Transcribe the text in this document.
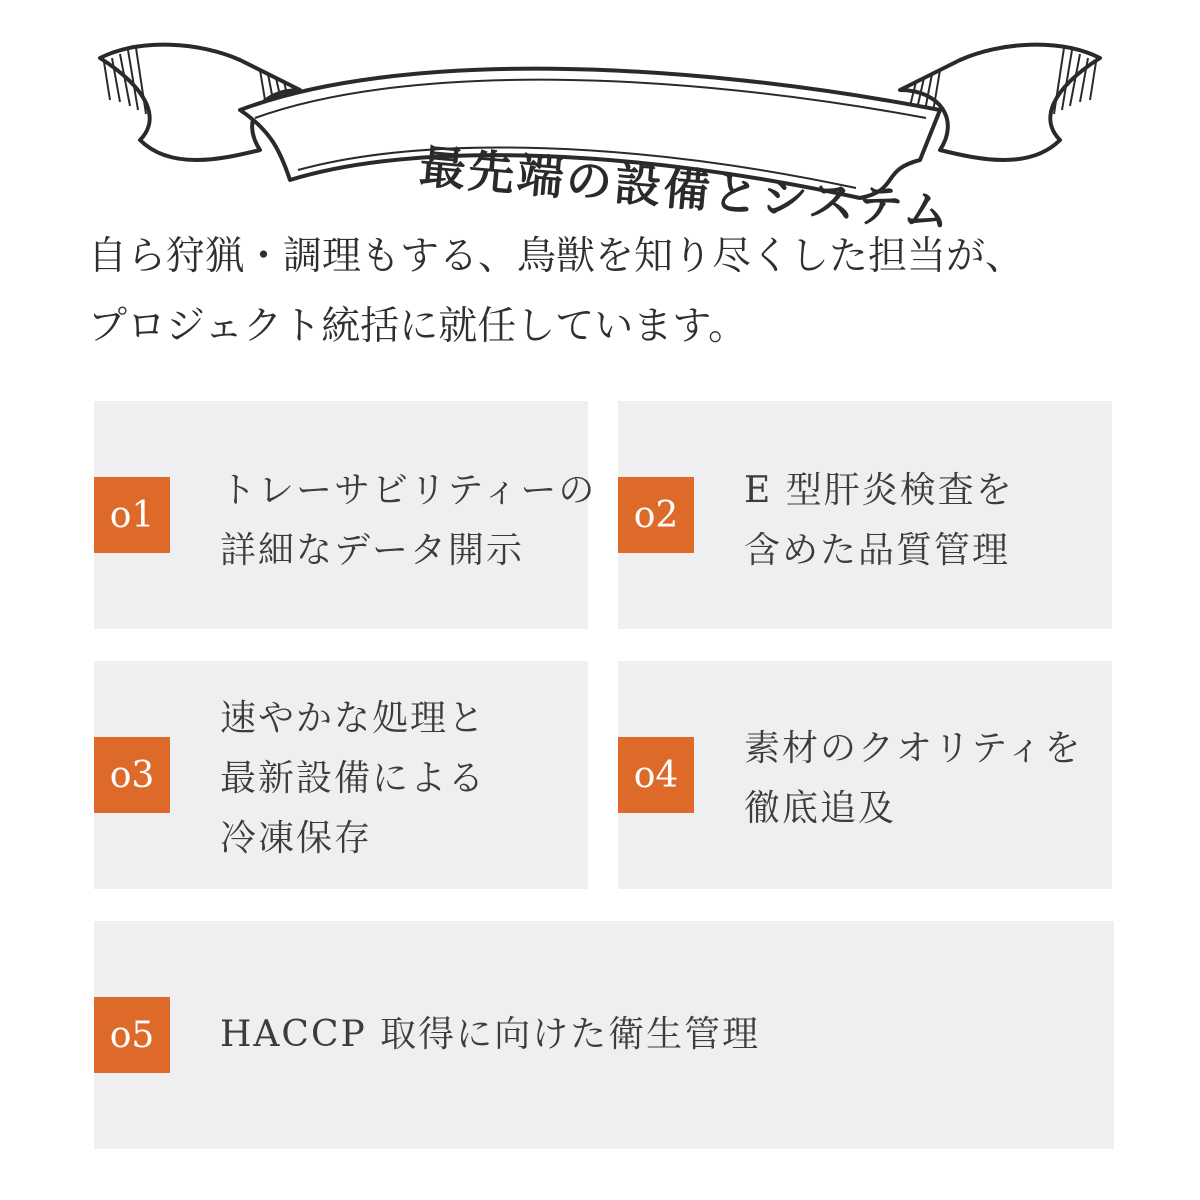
最先端の設備とシステム
自ら狩猟・調理もする、鳥獣を知り尽くした担当が、
プロジェクト統括に就任しています。
o1
トレーサビリティーの
詳細なデータ開示
o2
E 型肝炎検査を
含めた品質管理
o3
速やかな処理と
最新設備による
冷凍保存
o4
素材のクオリティを
徹底追及
o5	HACCP 取得に向けた衛生管理
